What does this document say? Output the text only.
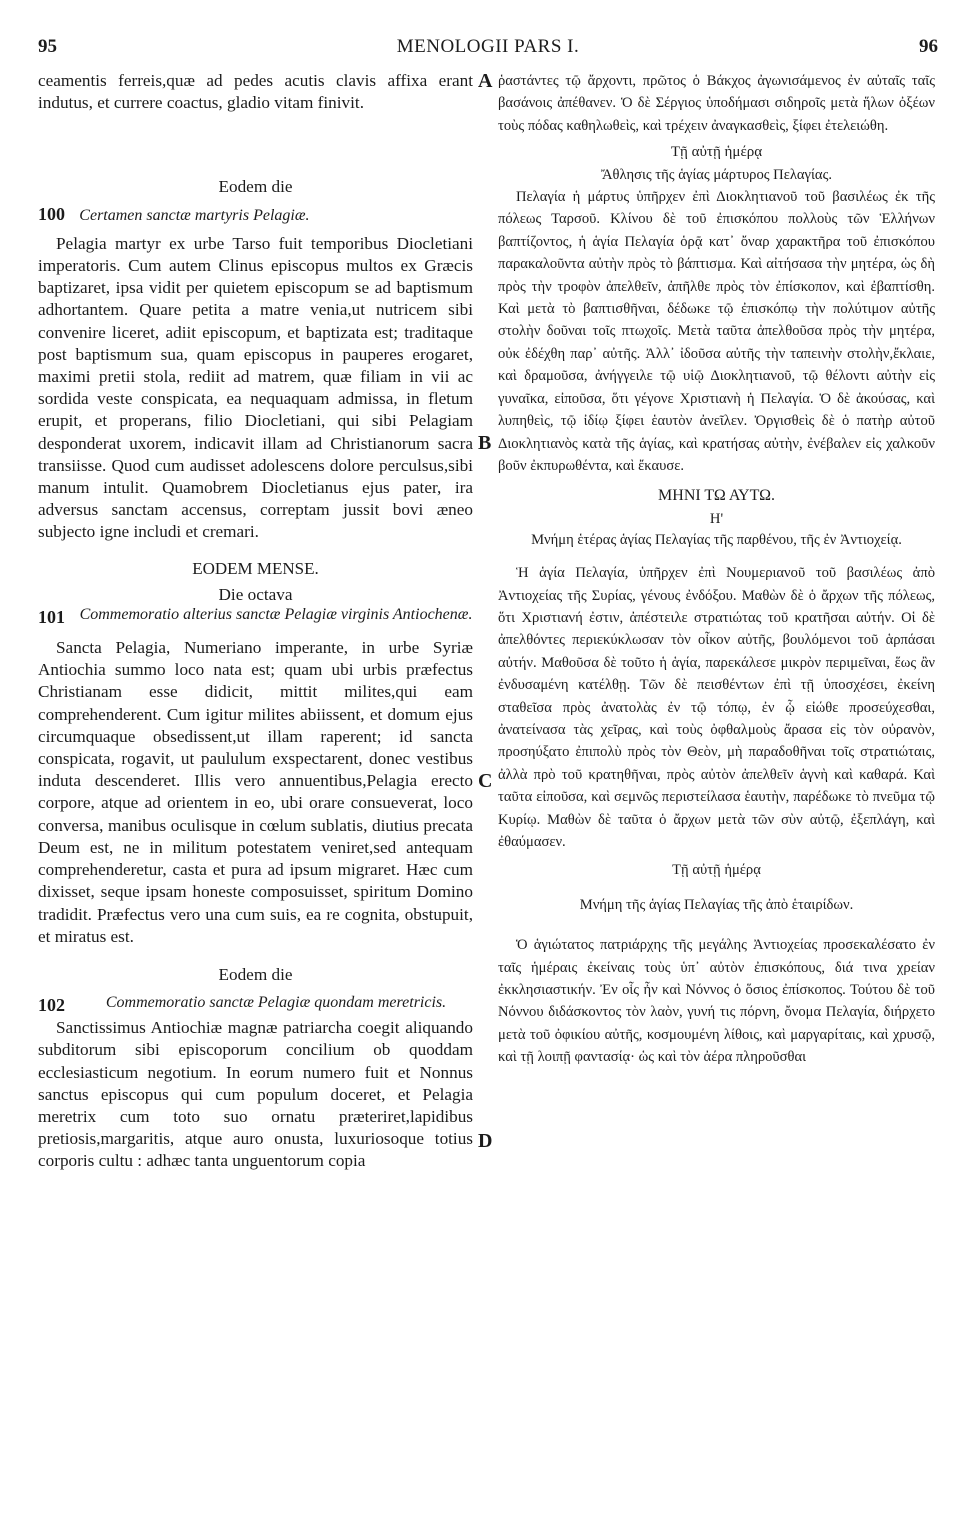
95	MENOLOGII PARS I.	96
A
B
C
D

ceamentis ferreis,quæ ad pedes acutis clavis affixa erant indutus, et currere coactus, gladio vitam finivit.

Eodem die
100 Certamen sanctæ martyris Pelagiæ.

Pelagia martyr ex urbe Tarso fuit temporibus Diocletiani imperatoris. Cum autem Clinus episcopus multos ex Græcis baptizaret, ipsa vidit per quietem episcopum se ad baptismum adhortantem. Quare petita a matre venia,ut nutricem sibi convenire liceret, adiit episcopum, et baptizata est; traditaque post baptismum sua, quam episcopus in pauperes erogaret, maximi pretii stola, rediit ad matrem, quæ filiam in vii ac sordida veste conspicata, ea nequaquam admissa, in fletum erupit, et properans, filio Diocletiani, qui sibi Pelagiam desponderat uxorem, indicavit illam ad Christianorum sacra transiisse. Quod cum audisset adolescens dolore perculsus,sibi manum intulit. Quamobrem Diocletianus ejus pater, ira adversus sanctam accensus, correptam jussit bovi æneo subjecto igne includi et cremari.

EODEM MENSE.
Die octava
101 Commemoratio alterius sanctæ Pelagiæ virginis Antiochenæ.

Sancta Pelagia, Numeriano imperante, in urbe Syriæ Antiochia summo loco nata est; quam ubi urbis præfectus Christianam esse didicit, mittit milites,qui eam comprehenderent. Cum igitur milites abiissent, et domum ejus circumquaque obsedissent,ut illam raperent; id sancta conspicata, rogavit, ut paululum exspectarent, donec vestibus induta descenderet. Illis vero annuentibus,Pelagia erecto corpore, atque ad orientem in eo, ubi orare consueverat, loco conversa, manibus oculisque in cœlum sublatis, diutius precata Deum est, ne in militum potestatem veniret,sed antequam comprehenderetur, casta et pura ad ipsum migraret. Hæc cum dixisset, seque ipsam honeste composuisset, spiritum Domino tradidit. Præfectus vero una cum suis, ea re cognita, obstupuit, et miratus est.

Eodem die
102	Commemoratio sanctæ Pelagiæ quondam meretricis.

Sanctissimus Antiochiæ magnæ patriarcha coegit aliquando subditorum sibi episcoporum concilium ob quoddam ecclesiasticum negotium. In eorum numero fuit et Nonnus sanctus episcopus qui cum populum doceret, et Pelagia meretrix cum toto suo ornatu præteriret,lapidibus pretiosis,margaritis, atque auro onusta, luxuriosoque totius corporis cultu : adhæc tanta unguentorum copia

ῥαστάντες τῷ ἄρχοντι, πρῶτος ὁ Βάκχος ἀγωνισάμενος ἐν αὐταῖς ταῖς βασάνοις ἀπέθανεν. Ὁ δὲ Σέργιος ὑποδήμασι σιδηροῖς μετὰ ἥλων ὀξέων τοὺς πόδας καθηλωθεὶς, καὶ τρέχειν ἀναγκασθεὶς, ξίφει ἐτελειώθη.

Τῇ αὐτῇ ἡμέρᾳ
Ἄθλησις τῆς ἁγίας μάρτυρος Πελαγίας.

Πελαγία ἡ μάρτυς ὑπῆρχεν ἐπὶ Διοκλητιανοῦ τοῦ βασιλέως ἐκ τῆς πόλεως Ταρσοῦ. Κλίνου δὲ τοῦ ἐπισκόπου πολλοὺς τῶν Ἑλλήνων βαπτίζοντος, ἡ ἁγία Πελαγία ὁρᾷ κατ᾽ ὄναρ χαρακτῆρα τοῦ ἐπισκόπου παρακαλοῦντα αὐτὴν πρὸς τὸ βάπτισμα. Καὶ αἰτήσασα τὴν μητέρα, ὡς δὴ πρὸς τὴν τροφὸν ἀπελθεῖν, ἀπῆλθε πρὸς τὸν ἐπίσκοπον, καὶ ἐβαπτίσθη. Καὶ μετὰ τὸ βαπτισθῆναι, δέδωκε τῷ ἐπισκόπῳ τὴν πολύτιμον αὐτῆς στολὴν δοῦναι τοῖς πτωχοῖς. Μετὰ ταῦτα ἀπελθοῦσα πρὸς τὴν μητέρα, οὐκ ἐδέχθη παρ᾽ αὐτῆς. Ἀλλ᾽ ἰδοῦσα αὐτῆς τὴν ταπεινὴν στολὴν,ἔκλαιε, καὶ δραμοῦσα, ἀνήγγειλε τῷ υἱῷ Διοκλητιανοῦ, τῷ θέλοντι αὐτὴν εἰς γυναῖκα, εἰποῦσα, ὅτι γέγονε Χριστιανὴ ἡ Πελαγία. Ὁ δὲ ἀκούσας, καὶ λυπηθεὶς, τῷ ἰδίῳ ξίφει ἑαυτὸν ἀνεῖλεν. Ὀργισθεὶς δὲ ὁ πατὴρ αὐτοῦ Διοκλητιανὸς κατὰ τῆς ἁγίας, καὶ κρατήσας αὐτὴν, ἐνέβαλεν εἰς χαλκοῦν βοῦν ἐκπυρωθέντα, καὶ ἔκαυσε.

ΜΗΝΙ ΤΩ ΑΥΤΩ.
Η'
Μνήμη ἑτέρας ἁγίας Πελαγίας τῆς παρθένου, τῆς ἐν Ἀντιοχείᾳ.

Ἡ ἁγία Πελαγία, ὑπῆρχεν ἐπὶ Νουμεριανοῦ τοῦ βασιλέως ἀπὸ Ἀντιοχείας τῆς Συρίας, γένους ἐνδόξου. Μαθὼν δὲ ὁ ἄρχων τῆς πόλεως, ὅτι Χριστιανή ἐστιν, ἀπέστειλε στρατιώτας τοῦ κρατῆσαι αὐτήν. Οἱ δὲ ἀπελθόντες περιεκύκλωσαν τὸν οἶκον αὐτῆς, βουλόμενοι τοῦ ἁρπάσαι αὐτήν. Μαθοῦσα δὲ τοῦτο ἡ ἁγία, παρεκάλεσε μικρὸν περιμεῖναι, ἕως ἂν ἐνδυσαμένη κατέλθῃ. Τῶν δὲ πεισθέντων ἐπὶ τῇ ὑποσχέσει, ἐκείνη σταθεῖσα πρὸς ἀνατολὰς ἐν τῷ τόπῳ, ἐν ᾧ εἰώθε προσεύχεσθαι, ἀνατείνασα τὰς χεῖρας, καὶ τοὺς ὀφθαλμοὺς ἄρασα εἰς τὸν οὐρανὸν, προσηύξατο ἐπιπολὺ πρὸς τὸν Θεὸν, μὴ παραδοθῆναι τοῖς στρατιώταις, ἀλλὰ πρὸ τοῦ κρατηθῆναι, πρὸς αὐτὸν ἀπελθεῖν ἁγνὴ καὶ καθαρά. Καὶ ταῦτα εἰποῦσα, καὶ σεμνῶς περιστείλασα ἑαυτὴν, παρέδωκε τὸ πνεῦμα τῷ Κυρίῳ. Μαθὼν δὲ ταῦτα ὁ ἄρχων μετὰ τῶν σὺν αὐτῷ, ἐξεπλάγη, καὶ ἐθαύμασεν.

Τῇ αὐτῇ ἡμέρᾳ
Μνήμη τῆς ἁγίας Πελαγίας τῆς ἀπὸ ἑταιρίδων.

Ὁ ἁγιώτατος πατριάρχης τῆς μεγάλης Ἀντιοχείας προσεκαλέσατο ἐν ταῖς ἡμέραις ἐκείναις τοὺς ὑπ᾽ αὐτὸν ἐπισκόπους, διά τινα χρείαν ἐκκλησιαστικήν. Ἐν οἷς ἦν καὶ Νόννος ὁ ὅσιος ἐπίσκοπος. Τούτου δὲ τοῦ Νόννου διδάσκοντος τὸν λαὸν, γυνή τις πόρνη, ὄνομα Πελαγία, διήρχετο μετὰ τοῦ ὀφικίου αὐτῆς, κοσμουμένη λίθοις, καὶ μαργαρίταις, καὶ χρυσῷ, καὶ τῇ λοιπῇ φαντασίᾳ· ὡς καὶ τὸν ἀέρα πληροῦσθαι
